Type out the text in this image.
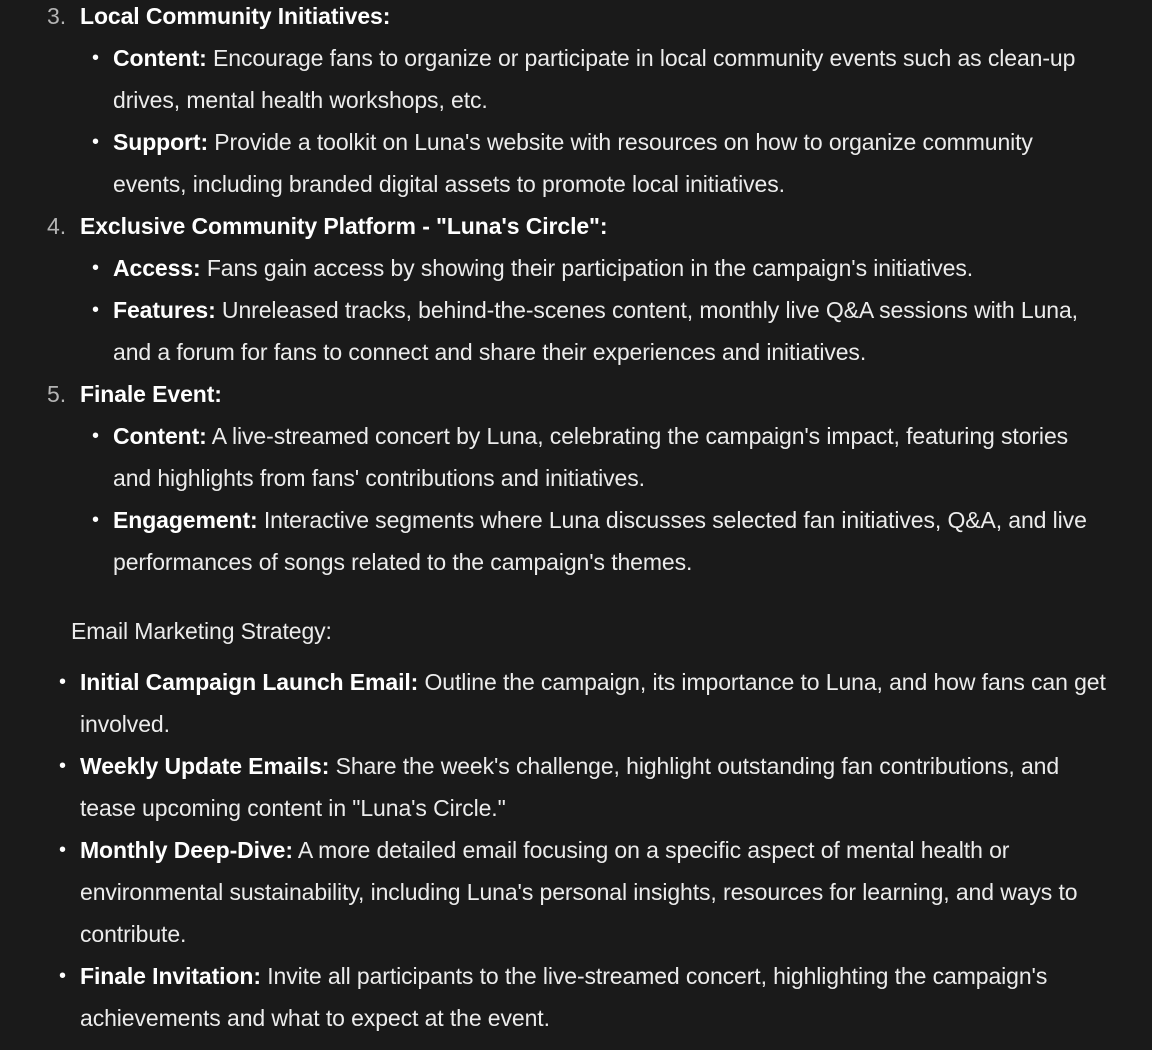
3. Local Community Initiatives:
• Content: Encourage fans to organize or participate in local community events such as clean-up drives, mental health workshops, etc.
• Support: Provide a toolkit on Luna's website with resources on how to organize community events, including branded digital assets to promote local initiatives.
4. Exclusive Community Platform - "Luna's Circle":
• Access: Fans gain access by showing their participation in the campaign's initiatives.
• Features: Unreleased tracks, behind-the-scenes content, monthly live Q&A sessions with Luna, and a forum for fans to connect and share their experiences and initiatives.
5. Finale Event:
• Content: A live-streamed concert by Luna, celebrating the campaign's impact, featuring stories and highlights from fans' contributions and initiatives.
• Engagement: Interactive segments where Luna discusses selected fan initiatives, Q&A, and live performances of songs related to the campaign's themes.
Email Marketing Strategy:
• Initial Campaign Launch Email: Outline the campaign, its importance to Luna, and how fans can get involved.
• Weekly Update Emails: Share the week's challenge, highlight outstanding fan contributions, and tease upcoming content in "Luna's Circle."
• Monthly Deep-Dive: A more detailed email focusing on a specific aspect of mental health or environmental sustainability, including Luna's personal insights, resources for learning, and ways to contribute.
• Finale Invitation: Invite all participants to the live-streamed concert, highlighting the campaign's achievements and what to expect at the event.
